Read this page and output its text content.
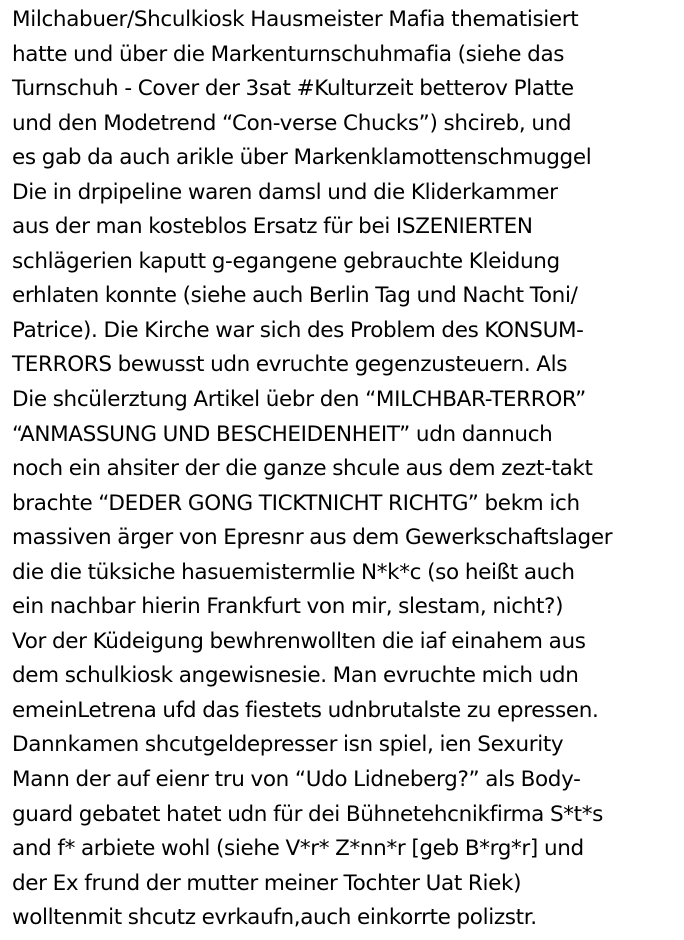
Milchabuer/Shculkiosk Hausmeister Mafia thematisiert
hatte und über die Markenturnschuhmafia (siehe das
Turnschuh - Cover der 3sat #Kulturzeit betterov Platte
und den Modetrend “Con-verse Chucks”) shcireb, und
es gab da auch arikle über Markenklamottenschmuggel
Die in drpipeline waren damsl und die Kliderkammer
aus der man kosteblos Ersatz für bei ISZENIERTEN
schlägerien kaputt g-egangene gebrauchte Kleidung
erhlaten konnte (siehe auch Berlin Tag und Nacht Toni/
Patrice). Die Kirche war sich des Problem des KONSUM-
TERRORS bewusst udn evruchte gegenzusteuern. Als
Die shcülerztung Artikel üebr den “MILCHBAR-TERROR”
“ANMASSUNG UND BESCHEIDENHEIT” udn dannuch
noch ein ahsiter der die ganze shcule aus dem zezt-takt
brachte “DEDER GONG TICKTNICHT RICHTG” bekm ich
massiven ärger von Epresnr aus dem Gewerkschaftslager
die die tüksiche hasuemistermlie N*k*c (so heißt auch
ein nachbar hierin Frankfurt von mir, slestam, nicht?)
Vor der Küdeigung bewhrenwollten die iaf einahem aus
dem schulkiosk angewisnesie. Man evruchte mich udn
emeinLetrena ufd das fiestets udnbrutalste zu epressen.
Dannkamen shcutgeldepresser isn spiel, ien Sexurity
Mann der auf eienr tru von “Udo Lidneberg?” als Body-
guard gebatet hatet udn für dei Bühnetehcnikfirma S*t*s
and f* arbiete wohl (siehe V*r* Z*nn*r [geb B*rg*r] und
der Ex frund der mutter meiner Tochter Uat Riek)
wolltenmit shcutz evrkaufn,auch einkorrte polizstr.
